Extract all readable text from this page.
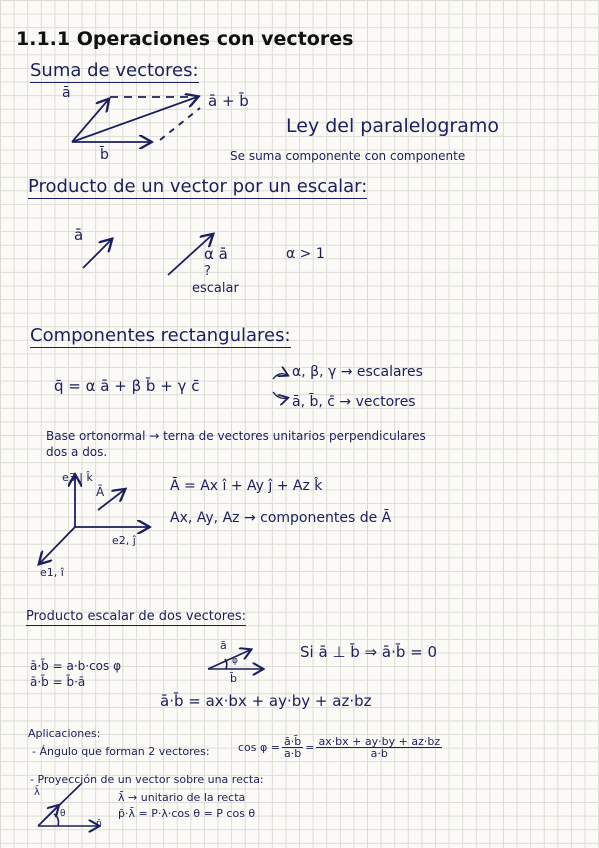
1.1.1 Operaciones con vectores
Suma de vectores:
ā
b̄
ā + b̄
Ley del paralelogramo
Se suma componente con componente
Producto de un vector por un escalar:
ā
α ā	α > 1
?
escalar
Componentes rectangulares:
q̄ = α ā + β b̄ + γ c̄
α, β, γ → escalares
ā, b̄, c̄ → vectores
Base ortonormal → terna de vectores unitarios perpendiculares
dos a dos.
e3 | k̂
e2, ĵ
e1, î
Ā	Ā = Ax î + Ay ĵ + Az k̂
Ax, Ay, Az → componentes de Ā
Producto escalar de dos vectores:
ā·b̄ = a·b·cos φ
ā·b̄ = b̄·ā
ā
φ
b̄
Si ā ⊥ b̄ ⇒ ā·b̄ = 0
ā·b̄ = ax·bx + ay·by + az·bz
Aplicaciones:
- Ángulo que forman 2 vectores:	$\cos \varphi = \frac{ā\cdot b̄}{a\cdot b} = \frac{ax\cdot bx + ay\cdot by + az\cdot bz}{a\cdot b}$
- Proyección de un vector sobre una recta:
λ̄
θ
p̄
λ̄ → unitario de la recta
p̄·λ̄ = P·λ·cos θ = P cos θ
